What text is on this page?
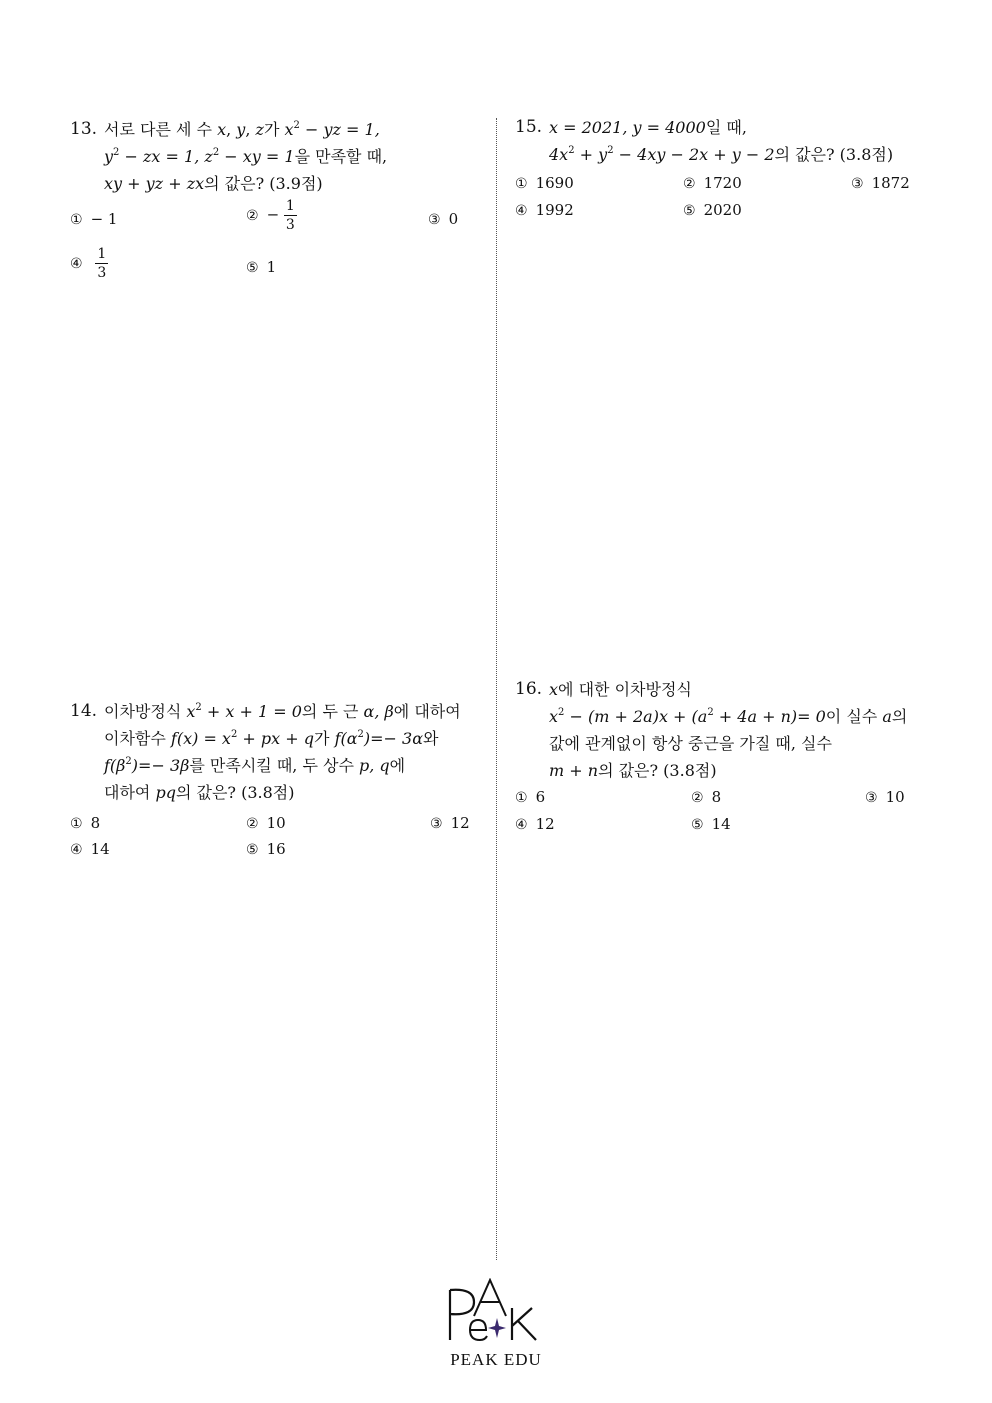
13. 서로 다른 세 수 x, y, z가 $x^2$ − yz = 1,
$y^2$ − zx = 1, $z^2$ − xy = 1을 만족할 때,
xy + yz + zx의 값은? (3.9점)
① − 1	② − $\frac{1}{3}$	③ 0
④ $\frac{1}{3}$	⑤ 1
14. 이차방정식 $x^2 + x + 1 = 0$의 두 근 α, β에 대하여
이차함수 $f(x) = x^2$ + px + q가 $f(\alpha^2)=- 3\alpha$와
$f(\beta^2)=- 3\beta$를 만족시킬 때, 두 상수 p, q에
대하여 pq의 값은? (3.8점)
① 8	② 10	③ 12
④ 14	⑤ 16
15. x = 2021, y = 4000일 때,
$4x^2 + y^2 - 4xy - 2x + y - 2$의 값은? (3.8점)
① 1690	② 1720	③ 1872
④ 1992	⑤ 2020
16. x에 대한 이차방정식
$x^2 - (m + 2a)x + (a^2 + 4a + n)= 0$이 실수 a의
값에 관계없이 항상 중근을 가질 때, 실수
m + n의 값은? (3.8점)
① 6	② 8	③ 10
④ 12	⑤ 14
PEAK EDU
